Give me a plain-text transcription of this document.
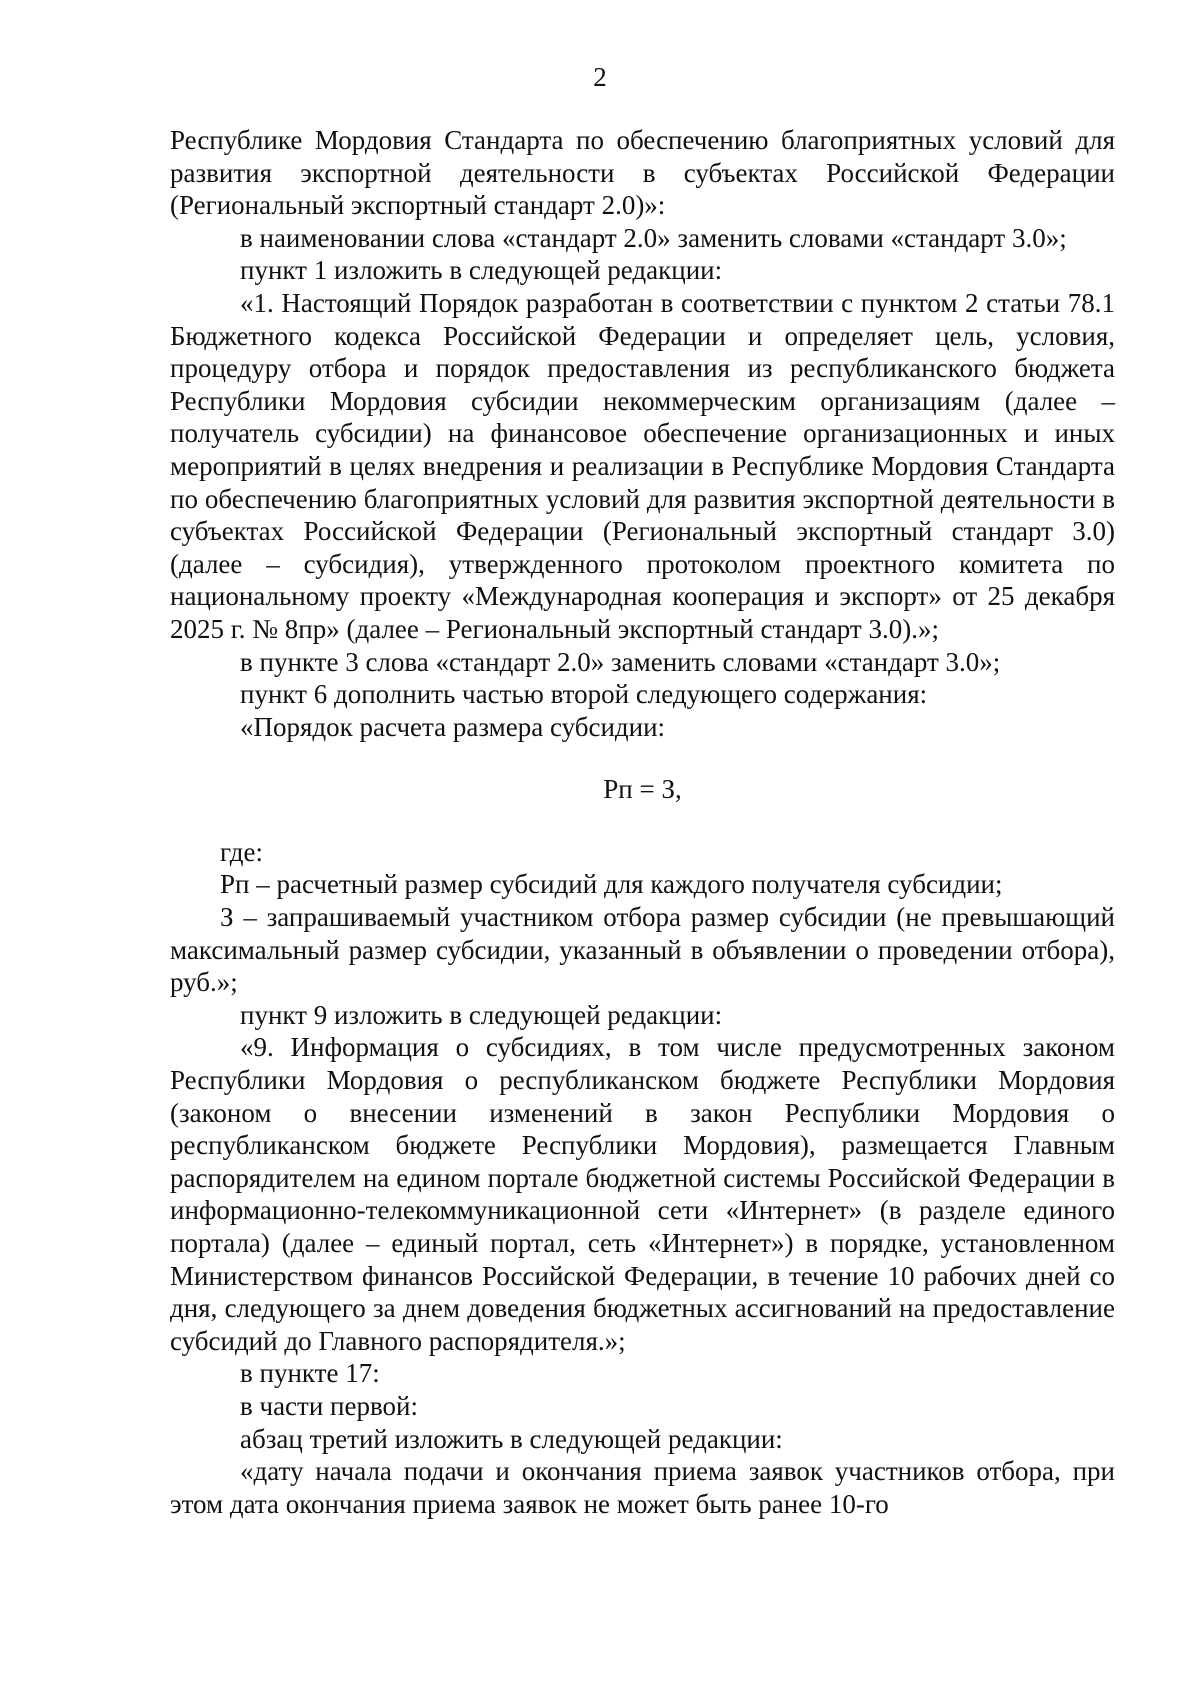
2

Республике Мордовия Стандарта по обеспечению благоприятных условий для развития экспортной деятельности в субъектах Российской Федерации (Региональный экспортный стандарт 2.0)»:

в наименовании слова «стандарт 2.0» заменить словами «стандарт 3.0»;

пункт 1 изложить в следующей редакции:

«1. Настоящий Порядок разработан в соответствии с пунктом 2 статьи 78.1 Бюджетного кодекса Российской Федерации и определяет цель, условия, процедуру отбора и порядок предоставления из республиканского бюджета Республики Мордовия субсидии некоммерческим организациям (далее – получатель субсидии) на финансовое обеспечение организационных и иных мероприятий в целях внедрения и реализации в Республике Мордовия Стандарта по обеспечению благоприятных условий для развития экспортной деятельности в субъектах Российской Федерации (Региональный экспортный стандарт 3.0) (далее – субсидия), утвержденного протоколом проектного комитета по национальному проекту «Международная кооперация и экспорт» от 25 декабря 2025 г. № 8пр» (далее – Региональный экспортный стандарт 3.0).»;

в пункте 3 слова «стандарт 2.0» заменить словами «стандарт 3.0»;

пункт 6 дополнить частью второй следующего содержания:

«Порядок расчета размера субсидии:

Рп = З,

где:

Рп – расчетный размер субсидий для каждого получателя субсидии;

З – запрашиваемый участником отбора размер субсидии (не превышающий максимальный размер субсидии, указанный в объявлении о проведении отбора), руб.»;

пункт 9 изложить в следующей редакции:

«9. Информация о субсидиях, в том числе предусмотренных законом Республики Мордовия о республиканском бюджете Республики Мордовия (законом о внесении изменений в закон Республики Мордовия о республиканском бюджете Республики Мордовия), размещается Главным распорядителем на едином портале бюджетной системы Российской Федерации в информационно-телекоммуникационной сети «Интернет» (в разделе единого портала) (далее – единый портал, сеть «Интернет») в порядке, установленном Министерством финансов Российской Федерации, в течение 10 рабочих дней со дня, следующего за днем доведения бюджетных ассигнований на предоставление субсидий до Главного распорядителя.»;

в пункте 17:

в части первой:

абзац третий изложить в следующей редакции:

«дату начала подачи и окончания приема заявок участников отбора, при этом дата окончания приема заявок не может быть ранее 10-го
